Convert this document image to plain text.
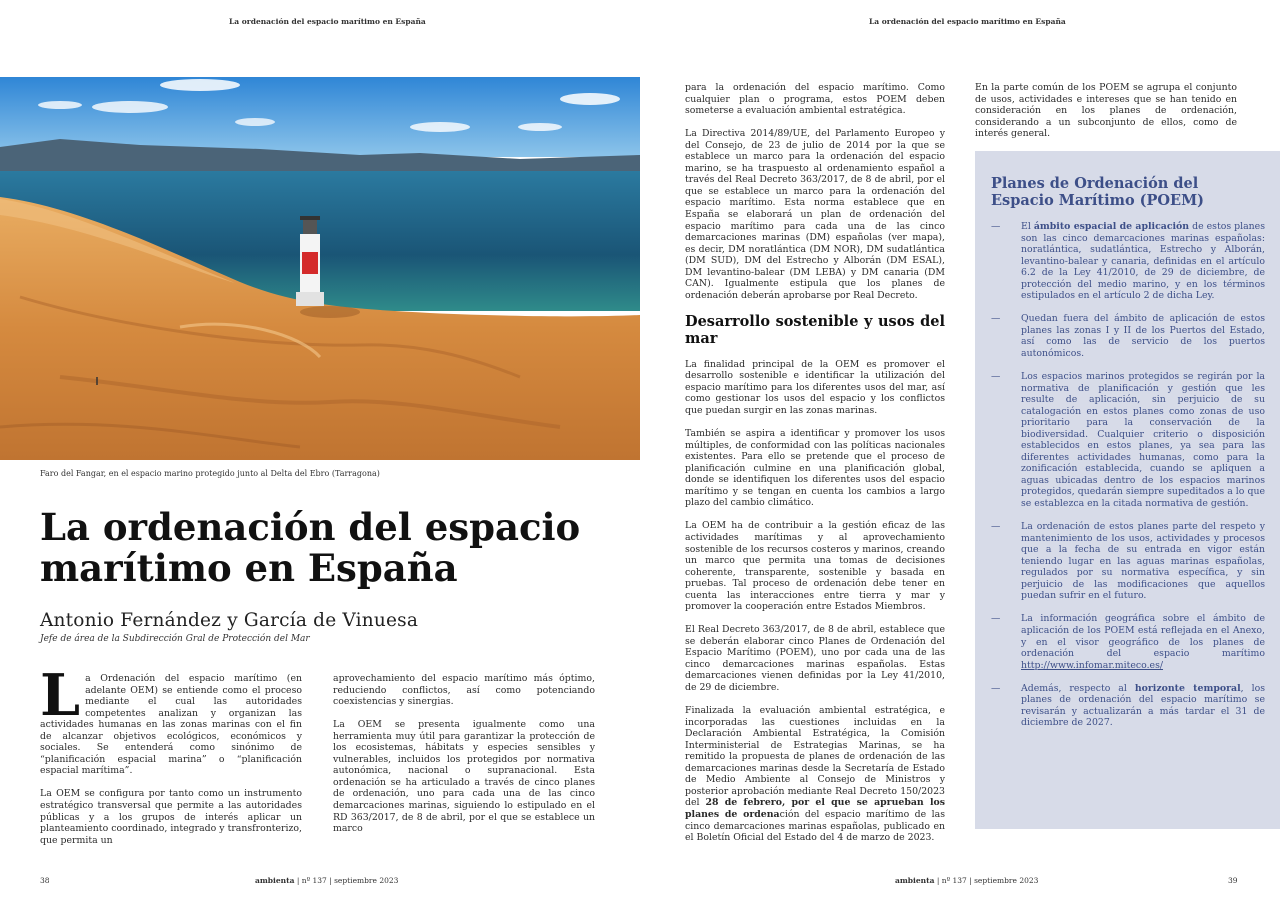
La ordenación del espacio marítimo en España
Faro del Fangar, en el espacio marino protegido junto al Delta del Ebro (Tarragona)
La ordenación del espacio marítimo en España
Antonio Fernández y García de Vinuesa
Jefe de área de la Subdirección Gral de Protección del Mar

La Ordenación del espacio marítimo (en adelante OEM) se entiende como el proceso mediante el cual las autoridades competentes analizan y organizan las actividades humanas en las zonas marinas con el fin de alcanzar objetivos ecológicos, económicos y sociales. Se entenderá como sinónimo de “planificación espacial marina” o “planificación espacial marítima”.

La OEM se configura por tanto como un instrumento estratégico transversal que permite a las autoridades públicas y a los grupos de interés aplicar un planteamiento coordinado, integrado y transfronterizo, que permita un

aprovechamiento del espacio marítimo más óptimo, reduciendo conflictos, así como potenciando coexistencias y sinergias.

La OEM se presenta igualmente como una herramienta muy útil para garantizar la protección de los ecosistemas, hábitats y especies sensibles y vulnerables, incluidos los protegidos por normativa autonómica, nacional o supranacional. Esta ordenación se ha articulado a través de cinco planes de ordenación, uno para cada una de las cinco demarcaciones marinas, siguiendo lo estipulado en el RD 363/2017, de 8 de abril, por el que se establece un marco

38	ambienta | nº 137 | septiembre 2023
La ordenación del espacio marítimo en España

para la ordenación del espacio marítimo. Como cualquier plan o programa, estos POEM deben someterse a evaluación ambiental estratégica.

La Directiva 2014/89/UE, del Parlamento Europeo y del Consejo, de 23 de julio de 2014 por la que se establece un marco para la ordenación del espacio marino, se ha traspuesto al ordenamiento español a través del Real Decreto 363/2017, de 8 de abril, por el que se establece un marco para la ordenación del espacio marítimo. Esta norma establece que en España se elaborará un plan de ordenación del espacio marítimo para cada una de las cinco demarcaciones marinas (DM) españolas (ver mapa), es decir, DM noratlántica (DM NOR), DM sudatlántica (DM SUD), DM del Estrecho y Alborán (DM ESAL), DM levantino-balear (DM LEBA) y DM canaria (DM CAN). Igualmente estipula que los planes de ordenación deberán aprobarse por Real Decreto.

Desarrollo sostenible y usos del mar

La finalidad principal de la OEM es promover el desarrollo sostenible e identificar la utilización del espacio marítimo para los diferentes usos del mar, así como gestionar los usos del espacio y los conflictos que puedan surgir en las zonas marinas.

También se aspira a identificar y promover los usos múltiples, de conformidad con las políticas nacionales existentes. Para ello se pretende que el proceso de planificación culmine en una planificación global, donde se identifiquen los diferentes usos del espacio marítimo y se tengan en cuenta los cambios a largo plazo del cambio climático.

La OEM ha de contribuir a la gestión eficaz de las actividades marítimas y al aprovechamiento sostenible de los recursos costeros y marinos, creando un marco que permita una tomas de decisiones coherente, transparente, sostenible y basada en pruebas. Tal proceso de ordenación debe tener en cuenta las interacciones entre tierra y mar y promover la cooperación entre Estados Miembros.

El Real Decreto 363/2017, de 8 de abril, establece que se deberán elaborar cinco Planes de Ordenación del Espacio Marítimo (POEM), uno por cada una de las cinco demarcaciones marinas españolas. Estas demarcaciones vienen definidas por la Ley 41/2010, de 29 de diciembre.

Finalizada la evaluación ambiental estratégica, e incorporadas las cuestiones incluidas en la Declaración Ambiental Estratégica, la Comisión Interministerial de Estrategias Marinas, se ha remitido la propuesta de planes de ordenación de las demarcaciones marinas desde la Secretaría de Estado de Medio Ambiente al Consejo de Ministros y posterior aprobación mediante Real Decreto 150/2023 del 28 de febrero, por el que se aprueban los planes de ordenación del espacio marítimo de las cinco demarcaciones marinas españolas, publicado en el Boletín Oficial del Estado del 4 de marzo de 2023.

En la parte común de los POEM se agrupa el conjunto de usos, actividades e intereses que se han tenido en consideración en los planes de ordenación, considerando a un subconjunto de ellos, como de interés general.

Planes de Ordenación del Espacio Marítimo (POEM)
— El ámbito espacial de aplicación de estos planes son las cinco demarcaciones marinas españolas: noratlántica, sudatlántica, Estrecho y Alborán, levantino-balear y canaria, definidas en el artículo 6.2 de la Ley 41/2010, de 29 de diciembre, de protección del medio marino, y en los términos estipulados en el artículo 2 de dicha Ley.
— Quedan fuera del ámbito de aplicación de estos planes las zonas I y II de los Puertos del Estado, así como las de servicio de los puertos autonómicos.
— Los espacios marinos protegidos se regirán por la normativa de planificación y gestión que les resulte de aplicación, sin perjuicio de su catalogación en estos planes como zonas de uso prioritario para la conservación de la biodiversidad. Cualquier criterio o disposición establecidos en estos planes, ya sea para las diferentes actividades humanas, como para la zonificación establecida, cuando se apliquen a aguas ubicadas dentro de los espacios marinos protegidos, quedarán siempre supeditados a lo que se establezca en la citada normativa de gestión.
— La ordenación de estos planes parte del respeto y mantenimiento de los usos, actividades y procesos que a la fecha de su entrada en vigor están teniendo lugar en las aguas marinas españolas, regulados por su normativa específica, y sin perjuicio de las modificaciones que aquellos puedan sufrir en el futuro.
— La información geográfica sobre el ámbito de aplicación de los POEM está reflejada en el Anexo, y en el visor geográfico de los planes de ordenación del espacio marítimo http://www.infomar.miteco.es/
— Además, respecto al horizonte temporal, los planes de ordenación del espacio marítimo se revisarán y actualizarán a más tardar el 31 de diciembre de 2027.
ambienta | nº 137 | septiembre 2023	39
